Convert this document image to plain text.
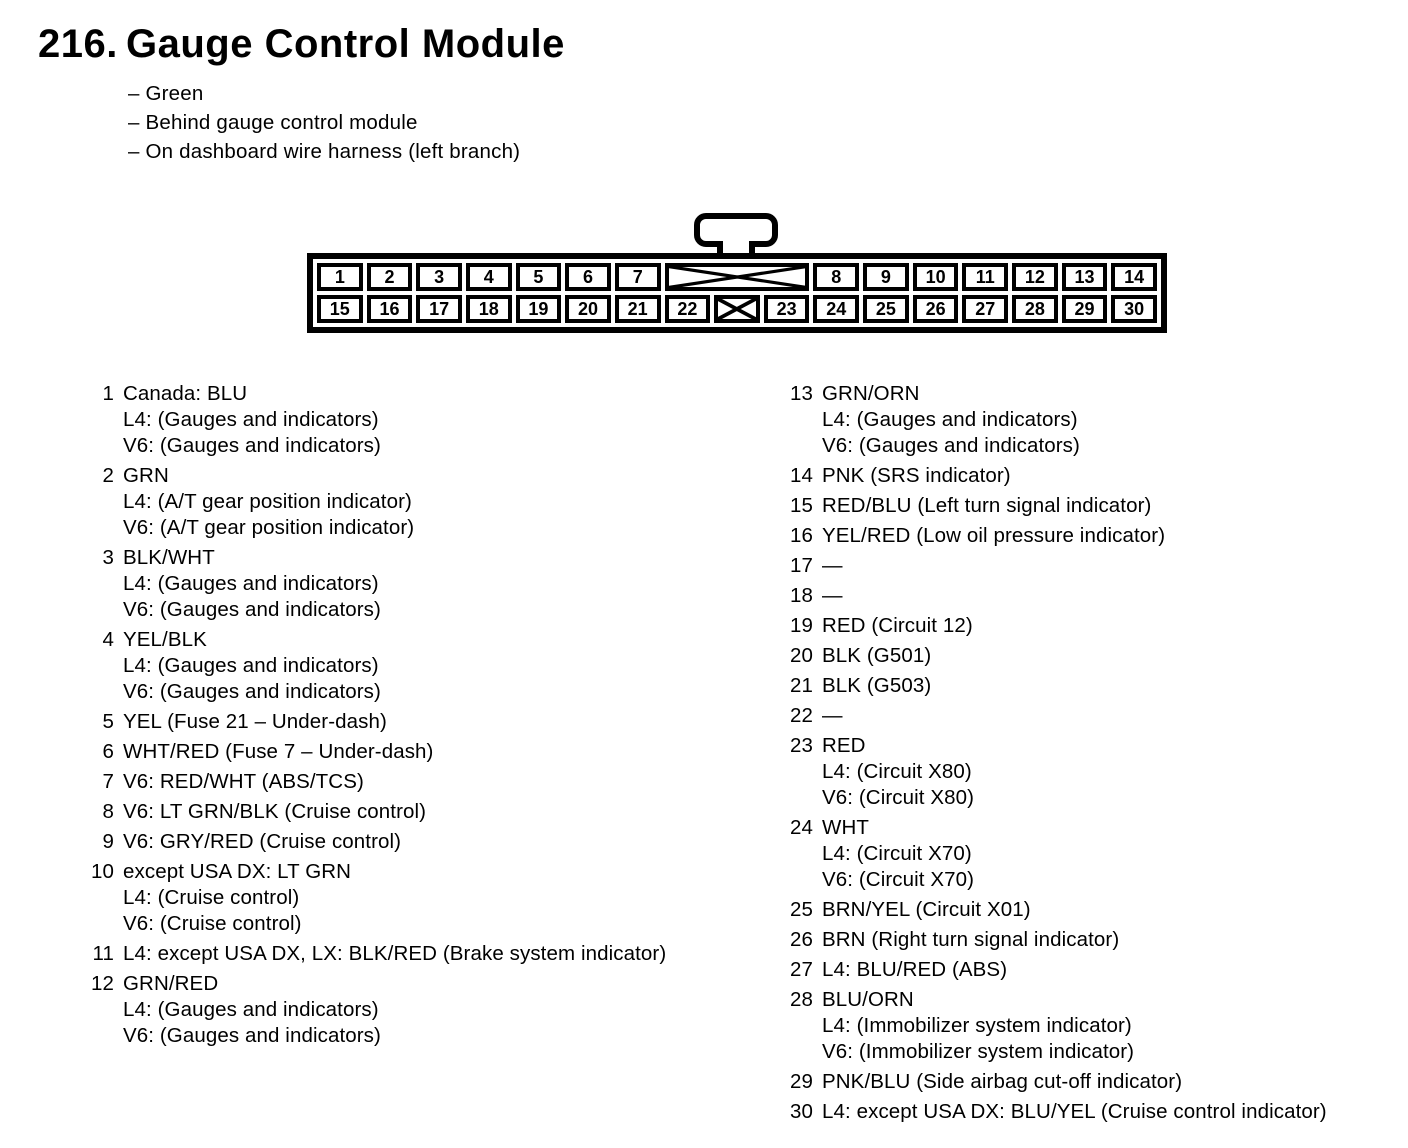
216. Gauge Control Module
– Green
– Behind gauge control module
– On dashboard wire harness (left branch)
1	2	3	4	5	6	7	8	9	10	11	12	13	14
15	16	17	18	19	20	21	22	23	24	25	26	27	28	29	30
1 Canada: BLU
L4: (Gauges and indicators)
V6: (Gauges and indicators)
2 GRN
L4: (A/T gear position indicator)
V6: (A/T gear position indicator)
3 BLK/WHT
L4: (Gauges and indicators)
V6: (Gauges and indicators)
4 YEL/BLK
L4: (Gauges and indicators)
V6: (Gauges and indicators)
5 YEL (Fuse 21 – Under-dash)
6 WHT/RED (Fuse 7 – Under-dash)
7 V6: RED/WHT (ABS/TCS)
8 V6: LT GRN/BLK (Cruise control)
9 V6: GRY/RED (Cruise control)
10 except USA DX: LT GRN
L4: (Cruise control)
V6: (Cruise control)
11 L4: except USA DX, LX: BLK/RED (Brake system indicator)
12 GRN/RED
L4: (Gauges and indicators)
V6: (Gauges and indicators)
13 GRN/ORN
L4: (Gauges and indicators)
V6: (Gauges and indicators)
14 PNK (SRS indicator)
15 RED/BLU (Left turn signal indicator)
16 YEL/RED (Low oil pressure indicator)
17 —
18 —
19 RED (Circuit 12)
20 BLK (G501)
21 BLK (G503)
22 —
23 RED
L4: (Circuit X80)
V6: (Circuit X80)
24 WHT
L4: (Circuit X70)
V6: (Circuit X70)
25 BRN/YEL (Circuit X01)
26 BRN (Right turn signal indicator)
27 L4: BLU/RED (ABS)
28 BLU/ORN
L4: (Immobilizer system indicator)
V6: (Immobilizer system indicator)
29 PNK/BLU (Side airbag cut-off indicator)
30 L4: except USA DX: BLU/YEL (Cruise control indicator)
